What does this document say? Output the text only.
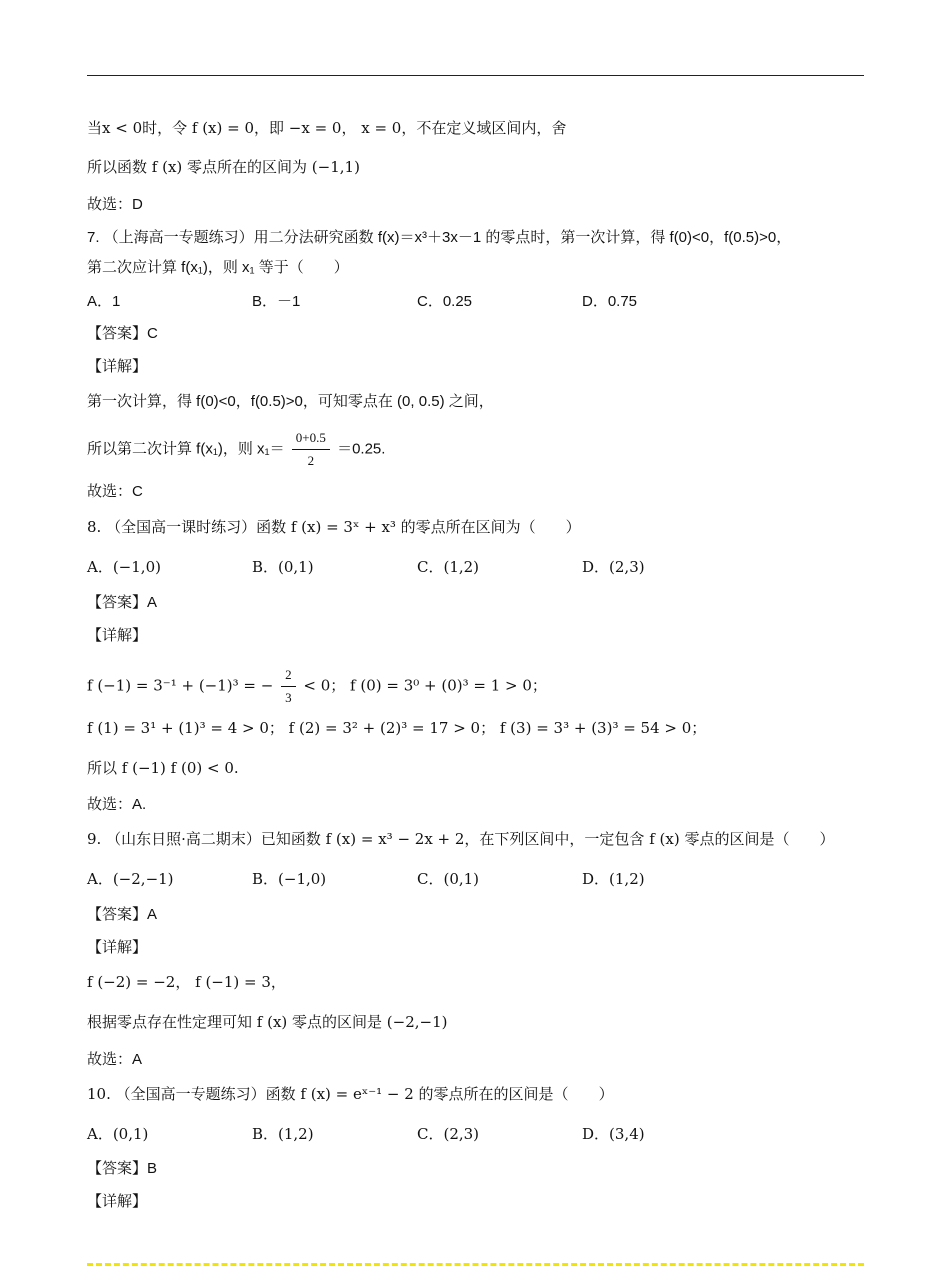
当x < 0时，令 f (x) = 0，即 −x = 0， x = 0，不在定义域区间内，舍
所以函数 f (x) 零点所在的区间为 (−1,1)
故选：D
7. （上海高一专题练习）用二分法研究函数 f(x)＝x³＋3x－1 的零点时，第一次计算，得 f(0)<0，f(0.5)>0，
第二次应计算 f(x₁)，则 x₁ 等于（　　）
A．1	B．－1	C．0.25	D．0.75
【答案】C
【详解】
第一次计算，得 f(0)<0，f(0.5)>0，可知零点在 (0, 0.5) 之间，
所以第二次计算 f(x₁)，则 $x_1= \frac{0+0.5}{2} =0.25$.
故选：C
8. （全国高一课时练习）函数 f (x) = 3ˣ + x³ 的零点所在区间为（　　）
A．(−1,0)	B．(0,1)	C．(1,2)	D．(2,3)
【答案】A
【详解】
f (−1) = 3⁻¹ + (−1)³ = − $\frac{2}{3} < 0$； f (0) = 3⁰ + (0)³ = 1 > 0；
f (1) = 3¹ + (1)³ = 4 > 0； f (2) = 3² + (2)³ = 17 > 0； f (3) = 3³ + (3)³ = 54 > 0；
所以 f (−1) f (0) < 0.
故选：A.
9. （山东日照·高二期末）已知函数 f (x) = x³ − 2x + 2，在下列区间中，一定包含 f (x) 零点的区间是（　　）
A．(−2,−1)	B．(−1,0)	C．(0,1)	D．(1,2)
【答案】A
【详解】
f (−2) = −2， f (−1) = 3，
根据零点存在性定理可知 f (x) 零点的区间是 (−2,−1)
故选：A
10. （全国高一专题练习）函数 f (x) = eˣ⁻¹ − 2 的零点所在的区间是（　　）
A．(0,1)	B．(1,2)	C．(2,3)	D．(3,4)
【答案】B
【详解】
